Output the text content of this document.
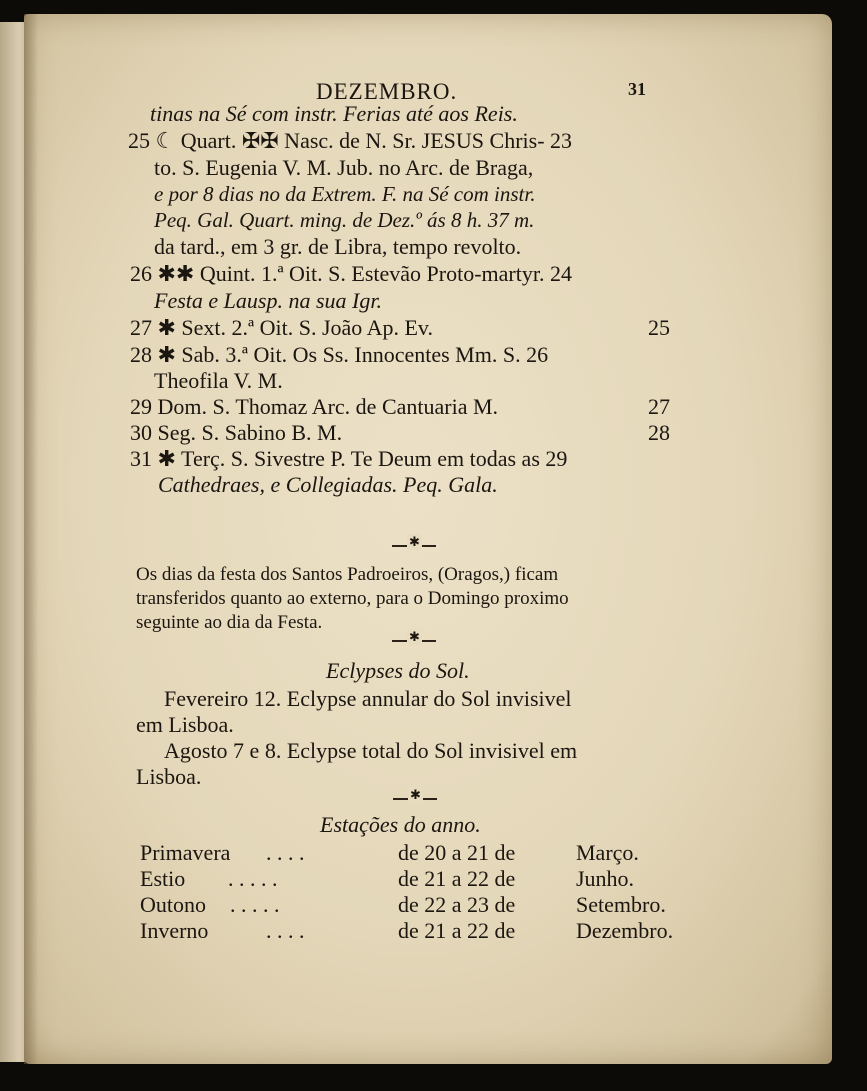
DEZEMBRO.	31
tinas na Sé com instr. Ferias até aos Reis.
25 ☾ Quart. ✠✠ Nasc. de N. Sr. JESUS Chris- 23
to. S. Eugenia V. M. Jub. no Arc. de Braga,
e por 8 dias no da Extrem. F. na Sé com instr.
Peq. Gal. Quart. ming. de Dez.º ás 8 h. 37 m.
da tard., em 3 gr. de Libra, tempo revolto.
26 ✱✱ Quint. 1.ª Oit. S. Estevão Proto-martyr. 24
Festa e Lausp. na sua Igr.
27 ✱ Sext. 2.ª Oit. S. João Ap. Ev.	25
28 ✱ Sab. 3.ª Oit. Os Ss. Innocentes Mm. S. 26
Theofila V. M.
29 Dom. S. Thomaz Arc. de Cantuaria M.	27
30 Seg. S. Sabino B. M.	28
31 ✱ Terç. S. Sivestre P. Te Deum em todas as 29
Cathedraes, e Collegiadas. Peq. Gala.
✱
Os dias da festa dos Santos Padroeiros, (Oragos,) ficam
transferidos quanto ao externo, para o Domingo proximo
seguinte ao dia da Festa.
✱
Eclypses do Sol.
Fevereiro 12. Eclypse annular do Sol invisivel
em Lisboa.
Agosto 7 e 8. Eclypse total do Sol invisivel em
Lisboa.
✱
Estações do anno.
Primavera . . . .	de 20 a 21 de	Março.
Estio . . . . .	de 21 a 22 de	Junho.
Outono . . . . .	de 22 a 23 de	Setembro.
Inverno	. . . .	de 21 a 22 de	Dezembro.
